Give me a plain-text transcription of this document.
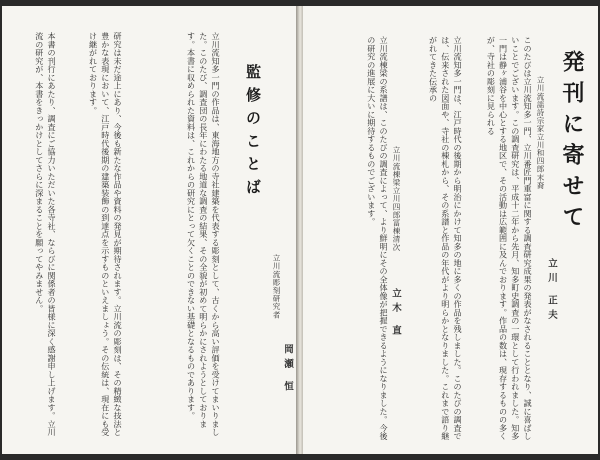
立川流知多一門の作品は、東海地方の寺社建築を代表する彫刻として、古くから高い評価を受けてまいりました。このたび、調査団の長年にわたる地道な調査の結果、その全貌が初めて明らかにされようとしております。本書に収められた資料は、これからの研究にとって欠くことのできない基礎となるものであります。
研究は未だ途上にあり、今後も新たな作品や資料の発見が期待されます。立川流の彫刻は、その精緻な技法と豊かな表現において、江戸時代後期の建築装飾の到達点を示すものといえましょう。その伝統は、現在にも受け継がれております。
本書の刊行にあたり、調査にご協力いただいた各寺社、ならびに関係者の皆様に深く感謝申し上げます。立川流の研究が、本書をきっかけとしてさらに深まることを願ってやみません。	監修のことば
立川流彫刻研究者
岡瀬 恒
発刊に寄せて
立川流謡詩宗家立川和四郎末裔
立川 正夫
このたびは立川流知多一門、立川番匠門重富に関する調査研究成果の発表がなされることとなり、誠に喜ばしいことでございます。この調査研究は、平成十二年から先月、知多町史調査の一環として行われました。知多一門は静ヶ浦谷を中心とする地区で、その活動は広範囲に及んでおります。作品の数は、現存するものの多くが、寺社の彫刻に見られる
立川流知多一門は、江戸時代の後期から明治にかけて知多の地に多くの作品を残しました。このたびの調査では、伝来された図面や、寺社の棟札から、その系譜と作品の年代がより明らかとなりました。これまで語り継がれてきた伝承の
立川流棟梁立川四郎冨棟清次
立木 直
立川流棟梁の系譜は、このたびの調査によって、より鮮明にその全体像が把握できるようになりました。今後の研究の進展に大いに期待するものでございます。
